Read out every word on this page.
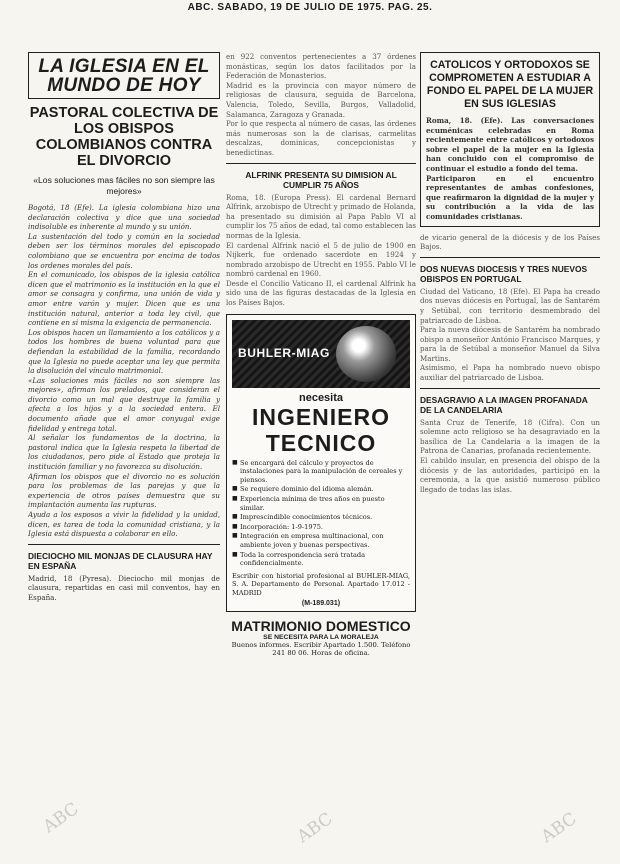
ABC. SABADO, 19 DE JULIO DE 1975. PAG. 25.
LA IGLESIA EN EL
MUNDO DE HOY
PASTORAL COLECTIVA DE LOS OBISPOS COLOMBIANOS CONTRA EL DIVORCIO
«Los soluciones mas fáciles no son siempre las mejores»

Bogotá, 18 (Efe). La iglesia colombiana hizo una declaración colectiva y dice que una sociedad indisoluble es inherente al mundo y su unión.

La sustentación del todo y común en la sociedad deben ser los términos morales del episcopado colombiano que se encuentra por encima de todos los ordenes morales del país.

En el comunicado, los obispos de la iglesia católica dicen que el matrimonio es la institución en la que el amor se consagra y confirma, una unión de vida y amor entre varón y mujer. Dicen que es una institución natural, anterior a toda ley civil, que contiene en si misma la exigencia de permanencia.

Los obispos hacen un llamamiento a los católicos y a todos los hombres de buena voluntad para que defiendan la estabilidad de la familia, recordando que la Iglesia no puede aceptar una ley que permita la disolución del vínculo matrimonial.

«Las soluciones más fáciles no son siempre las mejores», afirman los prelados, que consideran el divorcio como un mal que destruye la familia y afecta a los hijos y a la sociedad entera. El documento añade que el amor conyugal exige fidelidad y entrega total.

Al señalar los fundamentos de la doctrina, la pastoral indica que la Iglesia respeta la libertad de los ciudadanos, pero pide al Estado que proteja la institución familiar y no favorezca su disolución.

Afirman los obispos que el divorcio no es solución para los problemas de las parejas y que la experiencia de otros países demuestra que su implantación aumenta las rupturas.

Ayuda a los esposos a vivir la fidelidad y la unidad, dicen, es tarea de toda la comunidad cristiana, y la Iglesia está dispuesta a colaborar en ello.

DIECIOCHO MIL MONJAS DE CLAUSURA HAY EN ESPAÑA

Madrid, 18 (Pyresa). Dieciocho mil monjas de clausura, repartidas en casi mil conventos, hay en España.

en 922 conventos pertenecientes a 37 órdenes monásticas, según los datos facilitados por la Federación de Monasterios.

Madrid es la provincia con mayor número de religiosas de clausura, seguida de Barcelona, Valencia, Toledo, Sevilla, Burgos, Valladolid, Salamanca, Zaragoza y Granada.

Por lo que respecta al número de casas, las órdenes más numerosas son la de clarisas, carmelitas descalzas, dominicas, concepcionistas y benedictinas.

ALFRINK PRESENTA SU DIMISION AL CUMPLIR 75 AÑOS

Roma, 18. (Europa Press). El cardenal Bernard Alfrink, arzobispo de Utrecht y primado de Holanda, ha presentado su dimisión al Papa Pablo VI al cumplir los 75 años de edad, tal como establecen las normas de la Iglesia.

El cardenal Alfrink nació el 5 de julio de 1900 en Nijkerk, fue ordenado sacerdote en 1924 y nombrado arzobispo de Utrecht en 1955. Pablo VI le nombró cardenal en 1960.

Desde el Concilio Vaticano II, el cardenal Alfrink ha sido una de las figuras destacadas de la Iglesia en los Países Bajos.

BUHLER-MIAG
necesita
INGENIERO
TECNICO
■ Se encargará del cálculo y proyectos de instalaciones para la manipulación de cereales y piensos.
■ Se requiere dominio del idioma alemán.
■ Experiencia mínima de tres años en puesto similar.
■ Imprescindible conocimientos técnicos.
■ Incorporación: 1-9-1975.
■ Integración en empresa multinacional, con ambiente joven y buenas perspectivas.
■ Toda la correspondencia será tratada confidencialmente.

Escribir con historial profesional al BUHLER-MIAG, S. A. Departamento de Personal. Apartado 17.012 - MADRID

(M-189.031)
MATRIMONIO DOMESTICO
SE NECESITA PARA LA MORALEJA
Buenos informes. Escribir Apartado 1.500. Teléfono 241 80 06. Horas de oficina.
CATOLICOS Y ORTODOXOS SE COMPROMETEN A ESTUDIAR A FONDO EL PAPEL DE LA MUJER EN SUS IGLESIAS

Roma, 18. (Efe). Las conversaciones ecuménicas celebradas en Roma recientemente entre católicos y ortodoxos sobre el papel de la mujer en la Iglesia han concluido con el compromiso de continuar el estudio a fondo del tema.

Participaron en el encuentro representantes de ambas confesiones, que reafirmaron la dignidad de la mujer y su contribución a la vida de las comunidades cristianas.

de vicario general de la diócesis y de los Países Bajos.

DOS NUEVAS DIOCESIS Y TRES NUEVOS OBISPOS EN PORTUGAL

Ciudad del Vaticano, 18 (Efe). El Papa ha creado dos nuevas diócesis en Portugal, las de Santarém y Setúbal, con territorio desmembrado del patriarcado de Lisboa.

Para la nueva diócesis de Santarém ha nombrado obispo a monseñor António Francisco Marques, y para la de Setúbal a monseñor Manuel da Silva Martins.

Asimismo, el Papa ha nombrado nuevo obispo auxiliar del patriarcado de Lisboa.

DESAGRAVIO A LA IMAGEN PROFANADA DE LA CANDELARIA

Santa Cruz de Tenerife, 18 (Cifra). Con un solemne acto religioso se ha desagraviado en la basílica de La Candelaria a la imagen de la Patrona de Canarias, profanada recientemente.

El cabildo insular, en presencia del obispo de la diócesis y de las autoridades, participó en la ceremonia, a la que asistió numeroso público llegado de todas las islas.

ABC	ABC	ABC
